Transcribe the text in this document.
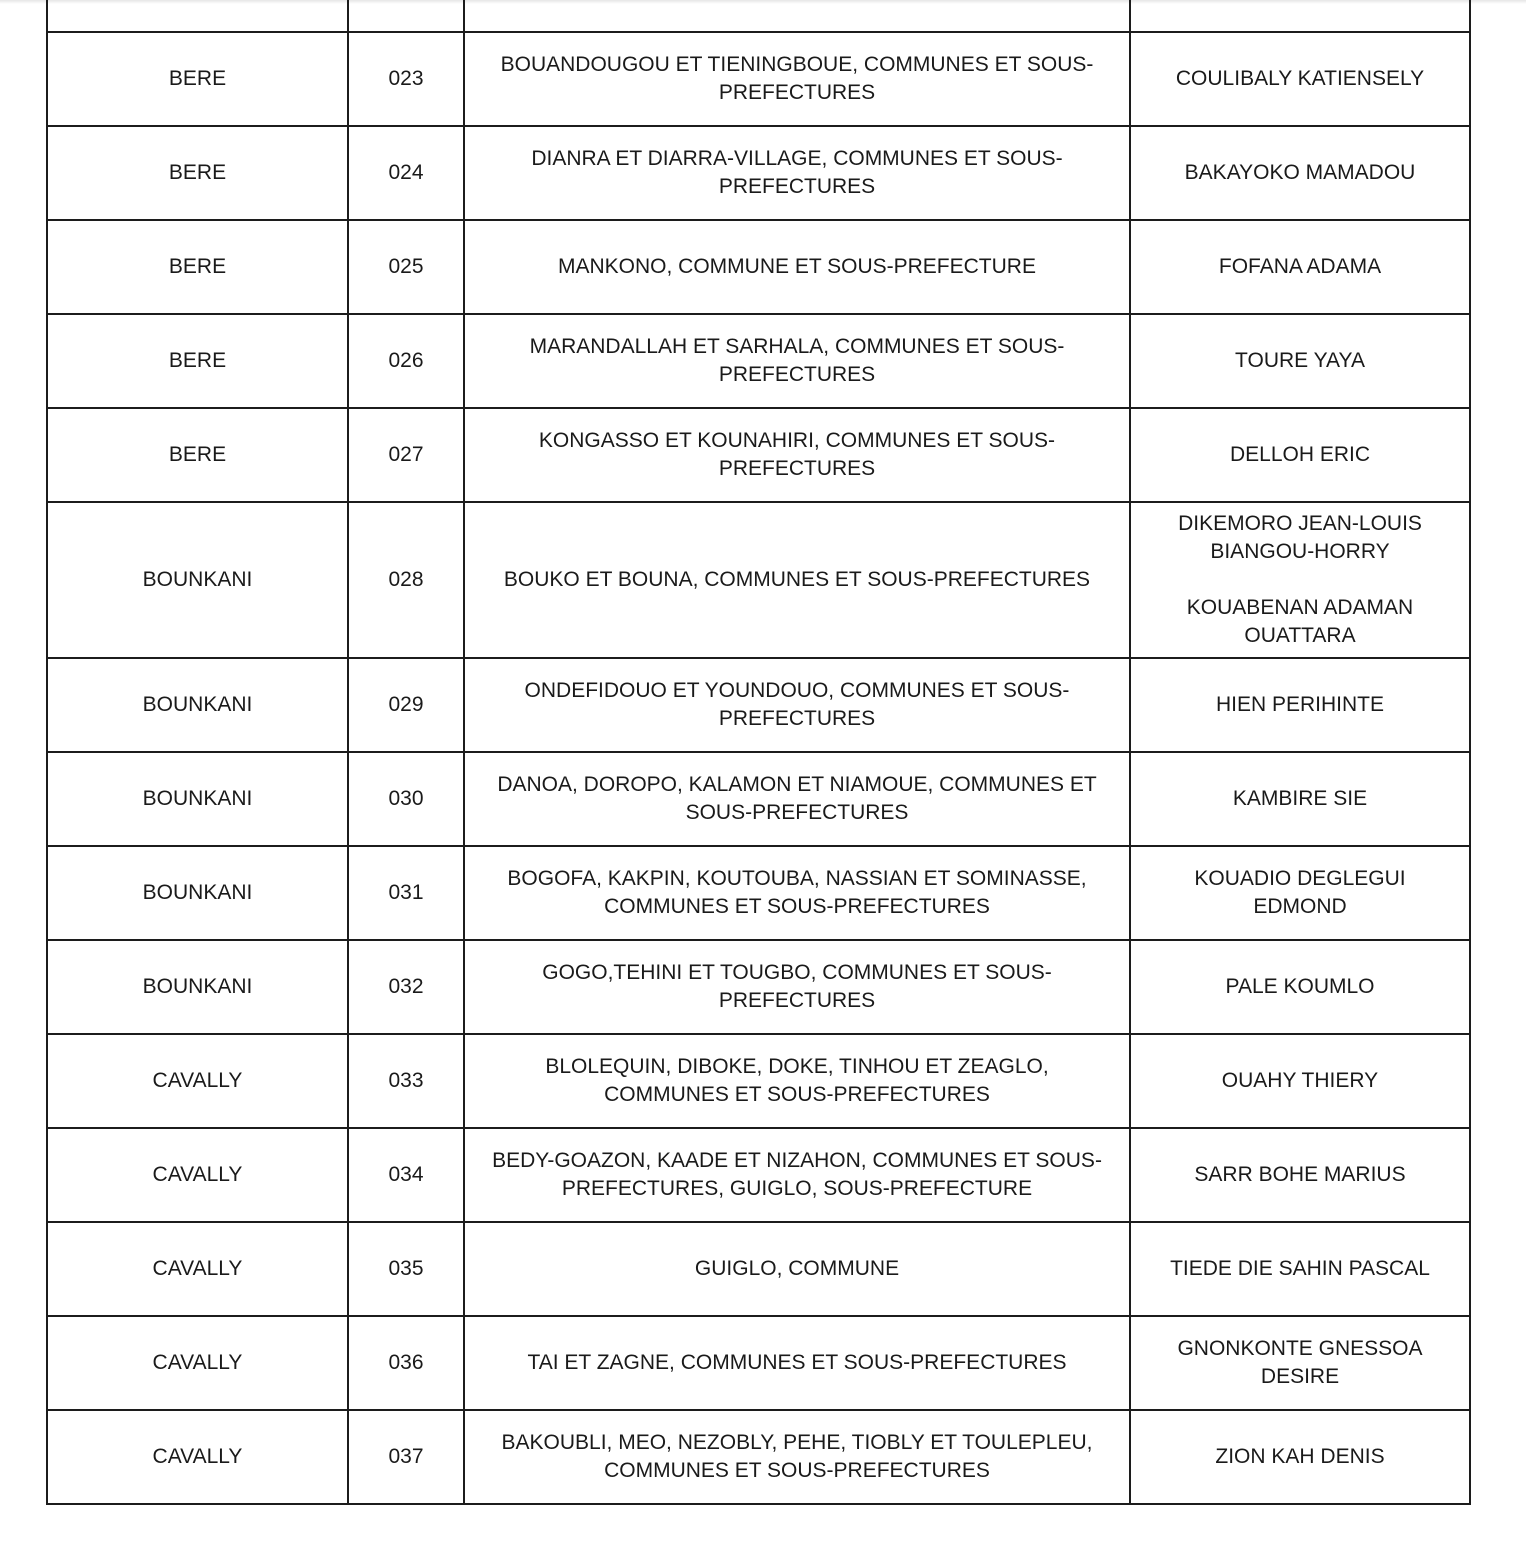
BERE	023	BOUANDOUGOU ET TIENINGBOUE, COMMUNES ET SOUS-
PREFECTURES	COULIBALY KATIENSELY

BERE	024	DIANRA ET DIARRA-VILLAGE, COMMUNES ET SOUS-
PREFECTURES	BAKAYOKO MAMADOU

BERE	025	MANKONO, COMMUNE ET SOUS-PREFECTURE	FOFANA ADAMA

BERE	026	MARANDALLAH ET SARHALA, COMMUNES ET SOUS-
PREFECTURES	TOURE YAYA

BERE	027	KONGASSO ET KOUNAHIRI, COMMUNES ET SOUS-
PREFECTURES	DELLOH ERIC

BOUNKANI	028	BOUKO ET BOUNA, COMMUNES ET SOUS-PREFECTURES	DIKEMORO JEAN-LOUIS
BIANGOU-HORRY
KOUABENAN ADAMAN
OUATTARA

BOUNKANI	029	ONDEFIDOUO ET YOUNDOUO, COMMUNES ET SOUS-
PREFECTURES	HIEN PERIHINTE

BOUNKANI	030	DANOA, DOROPO, KALAMON ET NIAMOUE, COMMUNES ET
SOUS-PREFECTURES	KAMBIRE SIE

BOUNKANI	031	BOGOFA, KAKPIN, KOUTOUBA, NASSIAN ET SOMINASSE,
COMMUNES ET SOUS-PREFECTURES	KOUADIO DEGLEGUI
EDMOND

BOUNKANI	032	GOGO,TEHINI ET TOUGBO, COMMUNES ET SOUS-
PREFECTURES	PALE KOUMLO

CAVALLY	033	BLOLEQUIN, DIBOKE, DOKE, TINHOU ET ZEAGLO,
COMMUNES ET SOUS-PREFECTURES	OUAHY THIERY

CAVALLY	034	BEDY-GOAZON, KAADE ET NIZAHON, COMMUNES ET SOUS-
PREFECTURES, GUIGLO, SOUS-PREFECTURE	SARR BOHE MARIUS

CAVALLY	035	GUIGLO, COMMUNE	TIEDE DIE SAHIN PASCAL

CAVALLY	036	TAI ET ZAGNE, COMMUNES ET SOUS-PREFECTURES	GNONKONTE GNESSOA
DESIRE

CAVALLY	037	BAKOUBLI, MEO, NEZOBLY, PEHE, TIOBLY ET TOULEPLEU,
COMMUNES ET SOUS-PREFECTURES	ZION KAH DENIS
